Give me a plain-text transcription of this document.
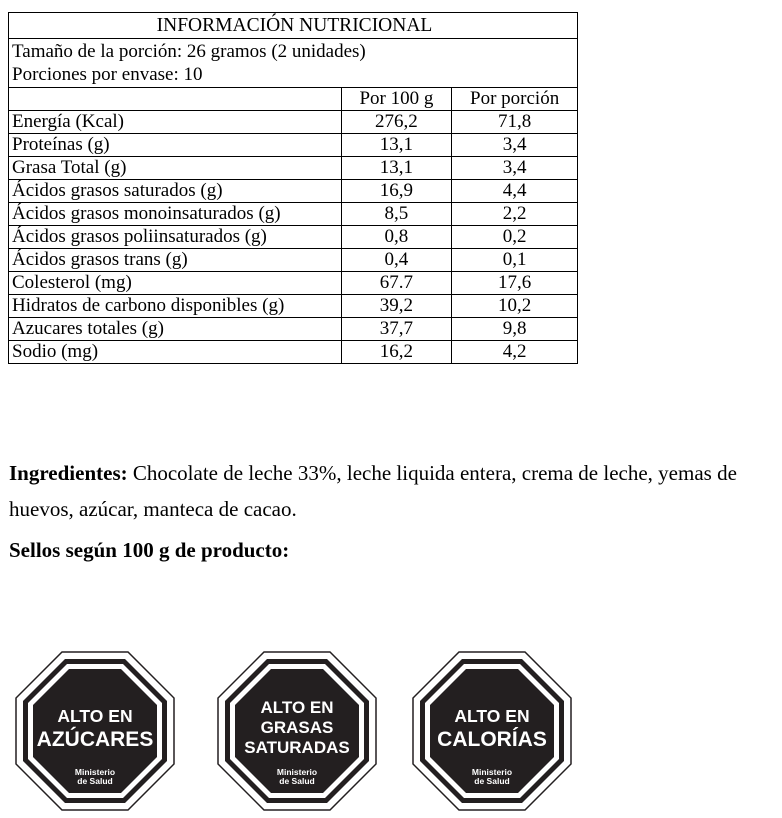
INFORMACIÓN NUTRICIONAL		

Tamaño de la porción: 26 gramos (2 unidades)
Porciones por envase: 10		

	Por 100 g	Por porción
Energía (Kcal)	276,2	71,8
Proteínas (g)	13,1	3,4
Grasa Total (g)	13,1	3,4
Ácidos grasos saturados (g)	16,9	4,4
Ácidos grasos monoinsaturados (g)	8,5	2,2
Ácidos grasos poliinsaturados (g)	0,8	0,2
Ácidos grasos trans (g)	0,4	0,1
Colesterol (mg)	67.7	17,6
Hidratos de carbono disponibles (g)	39,2	10,2
Azucares totales (g)	37,7	9,8
Sodio (mg)	16,2	4,2
Ingredientes: Chocolate de leche 33%, leche liquida entera, crema de leche, yemas de huevos, azúcar, manteca de cacao.
Sellos según 100 g de producto:
ALTO EN
AZÚCARES
Ministerio
de Salud
ALTO EN
GRASAS
SATURADAS
Ministerio
de Salud
ALTO EN
CALORÍAS
Ministerio
de Salud
